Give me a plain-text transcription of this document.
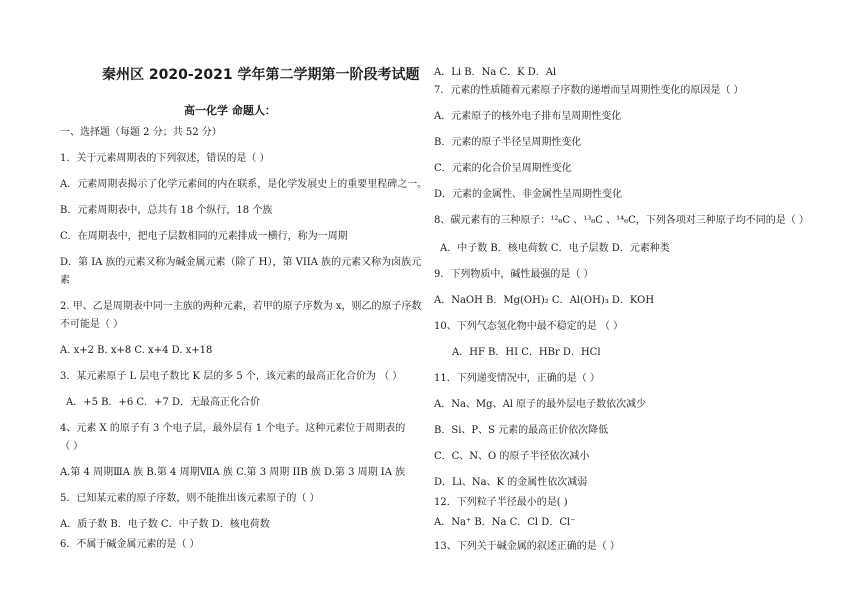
秦州区 2020-2021 学年第二学期第一阶段考试题
高一化学 命题人：
一、选择题（每题 2 分；共 52 分）
1．关于元素周期表的下列叙述，错误的是（ ）
A．元素周期表揭示了化学元素间的内在联系，是化学发展史上的重要里程碑之一。
B．元素周期表中，总共有 18 个纵行，18 个族
C．在周期表中，把电子层数相同的元素排成一横行，称为一周期
D．第 IA 族的元素又称为碱金属元素（除了 H），第 VIIA 族的元素又称为卤族元
素
2. 甲、乙是周期表中同一主族的两种元素，若甲的原子序数为 x，则乙的原子序数
不可能是（ ）
A. x+2 B. x+8 C. x+4 D. x+18
3．某元素原子 L 层电子数比 K 层的多 5 个，该元素的最高正化合价为 （ ）
A．+5 B．+6 C．+7 D．无最高正化合价
4、元素 X 的原子有 3 个电子层，最外层有 1 个电子。这种元素位于周期表的
（ ）
A.第 4 周期ⅢA 族 B.第 4 周期ⅦA 族 C.第 3 周期 IIB 族 D.第 3 周期 IA 族
5．已知某元素的原子序数，则不能推出该元素原子的（ ）
A．质子数 B．电子数 C．中子数 D．核电荷数
6．不属于碱金属元素的是（ ）
A．Li B．Na C．K D．Al
7．元素的性质随着元素原子序数的递增而呈周期性变化的原因是（ ）
A．元素原子的核外电子排布呈周期性变化
B．元素的原子半径呈周期性变化
C．元素的化合价呈周期性变化
D．元素的金属性、非金属性呈周期性变化
8、碳元素有的三种原子：¹²₆C 、¹³₆C 、¹⁴₆C，下列各项对三种原子均不同的是（ ）
A．中子数 B．核电荷数 C．电子层数 D．元素种类
9．下列物质中，碱性最强的是（ ）
A．NaOH B．Mg(OH)₂ C．Al(OH)₃ D．KOH
10、下列气态氢化物中最不稳定的是 （ ）
A．HF B．HI C．HBr D．HCl
11．下列递变情况中，正确的是（ ）
A．Na、Mg、Al 原子的最外层电子数依次减少
B．Si、P、S 元素的最高正价依次降低
C．C、N、O 的原子半径依次减小
D．Li、Na、K 的金属性依次减弱
12．下列粒子半径最小的是( )
A．Na⁺ B．Na C．Cl D．Cl⁻
13、下列关于碱金属的叙述正确的是（ ）
